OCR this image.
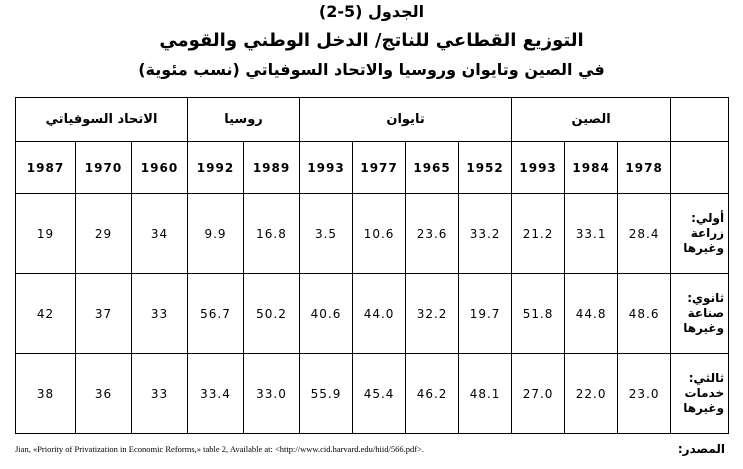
الجدول (5-2)
التوزيع القطاعي للناتج/ الدخل الوطني والقومي
في الصين وتايوان وروسيا والاتحاد السوفياتي (نسب مئوية)
	الصين			تايوان				روسيا		الاتحاد السوفياتي		
	1978	1984	1993	1952	1965	1977	1993	1989	1992	1960	1970	1987

أولي:
زراعة
وغيرها	28.4	33.1	21.2	33.2	23.6	10.6	3.5	16.8	9.9	34	29	19

ثانوي:
صناعة
وغيرها	48.6	44.8	51.8	19.7	32.2	44.0	40.6	50.2	56.7	33	37	42

ثالثي:
خدمات
وغيرها	23.0	22.0	27.0	48.1	46.2	45.4	55.9	33.0	33.4	33	36	38
المصدر:
Jian, «Priority of Privatization in Economic Reforms,» table 2, Available at: <http://www.cid.harvard.edu/hiid/566.pdf>.
